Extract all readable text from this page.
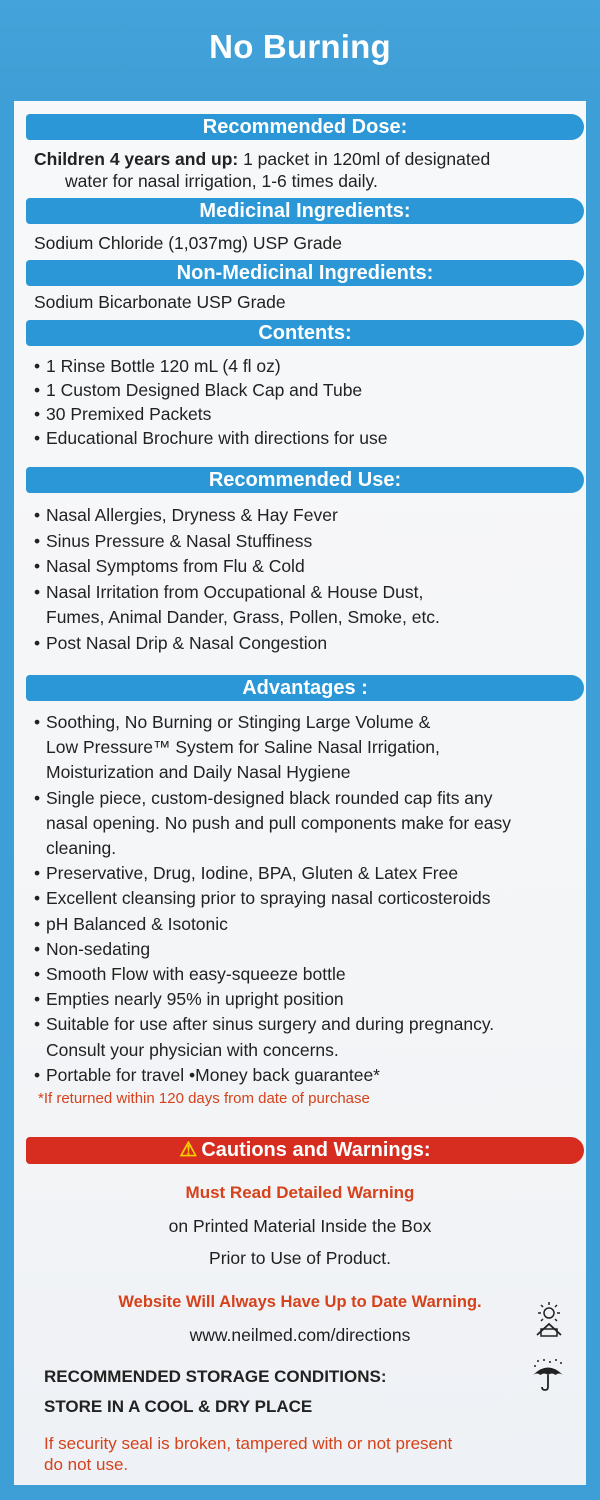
No Burning
Recommended Dose:
Children 4 years and up: 1 packet in 120ml of designated
water for nasal irrigation, 1-6 times daily.
Medicinal Ingredients:
Sodium Chloride (1,037mg) USP Grade
Non-Medicinal Ingredients:
Sodium Bicarbonate USP Grade
Contents:
• 1 Rinse Bottle 120 mL (4 fl oz)
• 1 Custom Designed Black Cap and Tube
• 30 Premixed Packets
• Educational Brochure with directions for use
Recommended Use:
• Nasal Allergies, Dryness & Hay Fever
• Sinus Pressure & Nasal Stuffiness
• Nasal Symptoms from Flu & Cold
• Nasal Irritation from Occupational & House Dust,
Fumes, Animal Dander, Grass, Pollen, Smoke, etc.
• Post Nasal Drip & Nasal Congestion
Advantages :
• Soothing, No Burning or Stinging Large Volume &
Low Pressure™ System for Saline Nasal Irrigation,
Moisturization and Daily Nasal Hygiene
• Single piece, custom-designed black rounded cap fits any
nasal opening. No push and pull components make for easy
cleaning.
• Preservative, Drug, Iodine, BPA, Gluten & Latex Free
• Excellent cleansing prior to spraying nasal corticosteroids
• pH Balanced & Isotonic
• Non-sedating
• Smooth Flow with easy-squeeze bottle
• Empties nearly 95% in upright position
• Suitable for use after sinus surgery and during pregnancy.
Consult your physician with concerns.
• Portable for travel •Money back guarantee*
*If returned within 120 days from date of purchase
⚠ Cautions and Warnings:
Must Read Detailed Warning
on Printed Material Inside the Box
Prior to Use of Product.
Website Will Always Have Up to Date Warning.
www.neilmed.com/directions
RECOMMENDED STORAGE CONDITIONS:
STORE IN A COOL & DRY PLACE
If security seal is broken, tampered with or not present
do not use.
